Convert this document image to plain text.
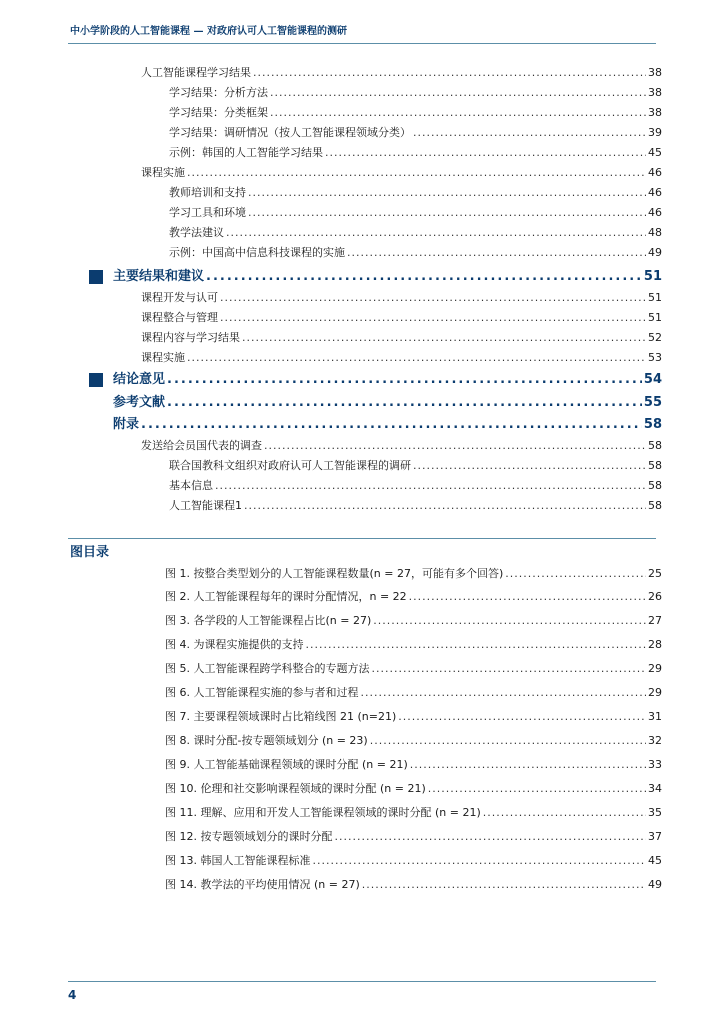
中小学阶段的人工智能课程 — 对政府认可人工智能课程的测研
人工智能课程学习结果 .....	38
学习结果：分析方法 .....	38
学习结果：分类框架 .....	38
学习结果：调研情况（按人工智能课程领域分类） .....	39
示例：韩国的人工智能学习结果 .....	45
课程实施 .....	46
教师培训和支持 .....	46
学习工具和环境 .....	46
教学法建议 .....	48
示例：中国高中信息科技课程的实施 .....	49
主要结果和建议 .....	51
课程开发与认可 .....	51
课程整合与管理 .....	51
课程内容与学习结果 .....	52
课程实施 .....	53
结论意见 .....	54
参考文献 .....	55
附录 .....	58
发送给会员国代表的调查 .....	58
联合国教科文组织对政府认可人工智能课程的调研 .....	58
基本信息 .....	58
人工智能课程1 .....	58
图目录
图 1. 按整合类型划分的人工智能课程数量(n = 27，可能有多个回答) .....	25
图 2. 人工智能课程每年的课时分配情况，n = 22 .....	26
图 3. 各学段的人工智能课程占比(n = 27) .....	27
图 4. 为课程实施提供的支持 .....	28
图 5. 人工智能课程跨学科整合的专题方法 .....	29
图 6. 人工智能课程实施的参与者和过程 .....	29
图 7. 主要课程领域课时占比箱线图 21 (n=21) .....	31
图 8. 课时分配-按专题领域划分 (n = 23) .....	32
图 9. 人工智能基础课程领域的课时分配 (n = 21) .....	33
图 10. 伦理和社交影响课程领域的课时分配 (n = 21) .....	34
图 11. 理解、应用和开发人工智能课程领域的课时分配 (n = 21) .....	35
图 12. 按专题领域划分的课时分配 .....	37
图 13. 韩国人工智能课程标准 .....	45
图 14. 教学法的平均使用情况 (n = 27) .....	49
4
